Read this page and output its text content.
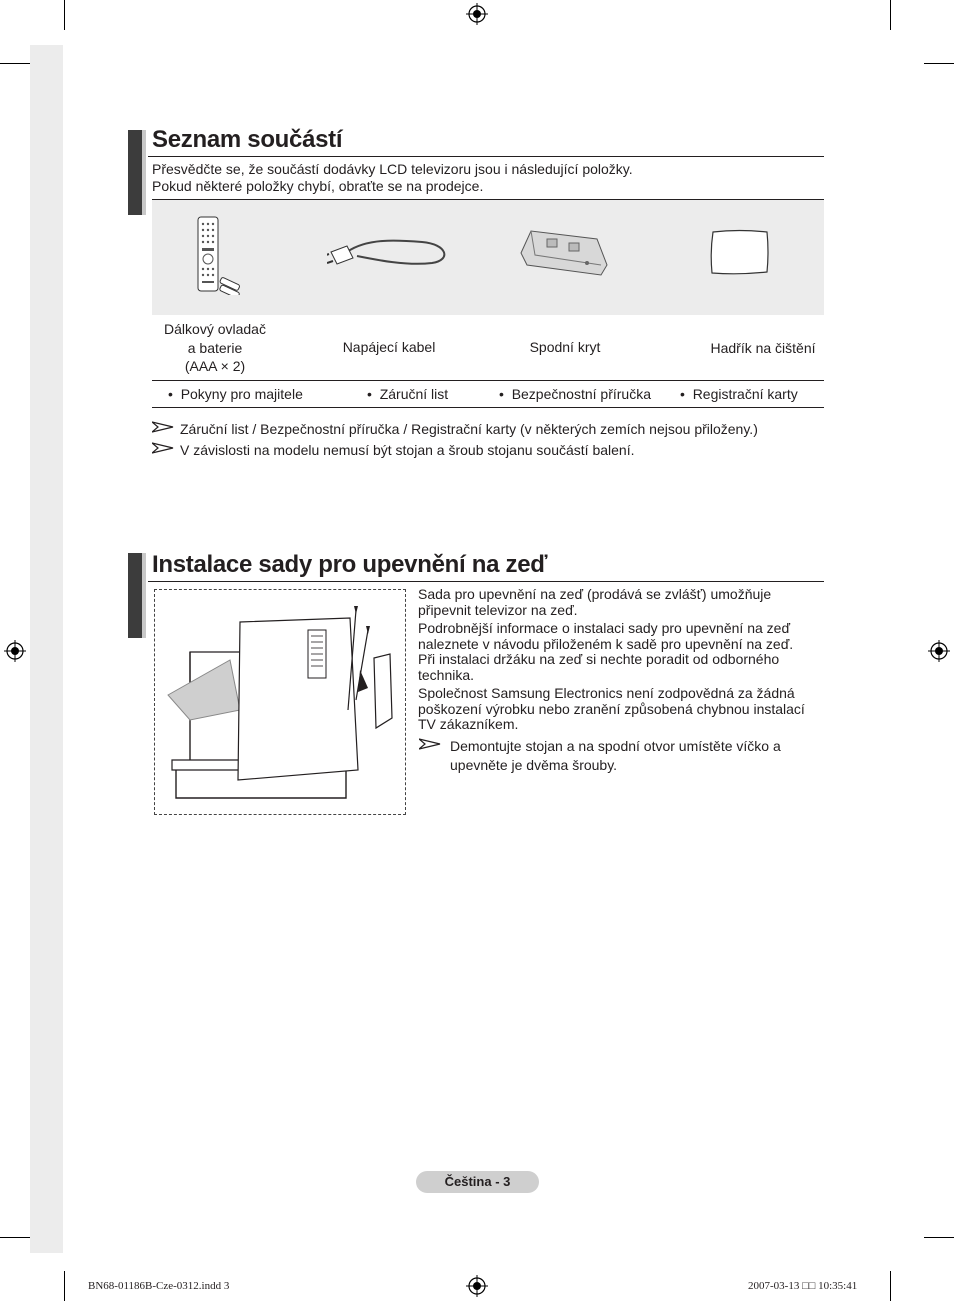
Seznam součástí
Přesvědčte se, že součástí dodávky LCD televizoru jsou i následující položky.
Pokud některé položky chybí, obraťte se na prodejce.
Dálkový ovladač
a baterie
(AAA × 2)
Napájecí kabel	Spodní kryt	Hadřík na čištění
•  Pokyny pro majitele	•  Záruční list	•  Bezpečnostní příručka •  Registrační karty
Záruční list / Bezpečnostní příručka / Registrační karty (v některých zemích nejsou přiloženy.)
V závislosti na modelu nemusí být stojan a šroub stojanu součástí balení.
Instalace sady pro upevnění na zeď
Sada pro upevnění na zeď (prodává se zvlášť) umožňuje
připevnit televizor na zeď.
Podrobnější informace o instalaci sady pro upevnění na zeď
naleznete v návodu přiloženém k sadě pro upevnění na zeď.
Při instalaci držáku na zeď si nechte poradit od odborného
technika.
Společnost Samsung Electronics není zodpovědná za žádná
poškození výrobku nebo zranění způsobená chybnou instalací
TV zákazníkem.
Demontujte stojan a na spodní otvor umístěte víčko a
upevněte je dvěma šrouby.
Čeština - 3
BN68-01186B-Cze-0312.indd 3	2007-03-13 □□ 10:35:41
